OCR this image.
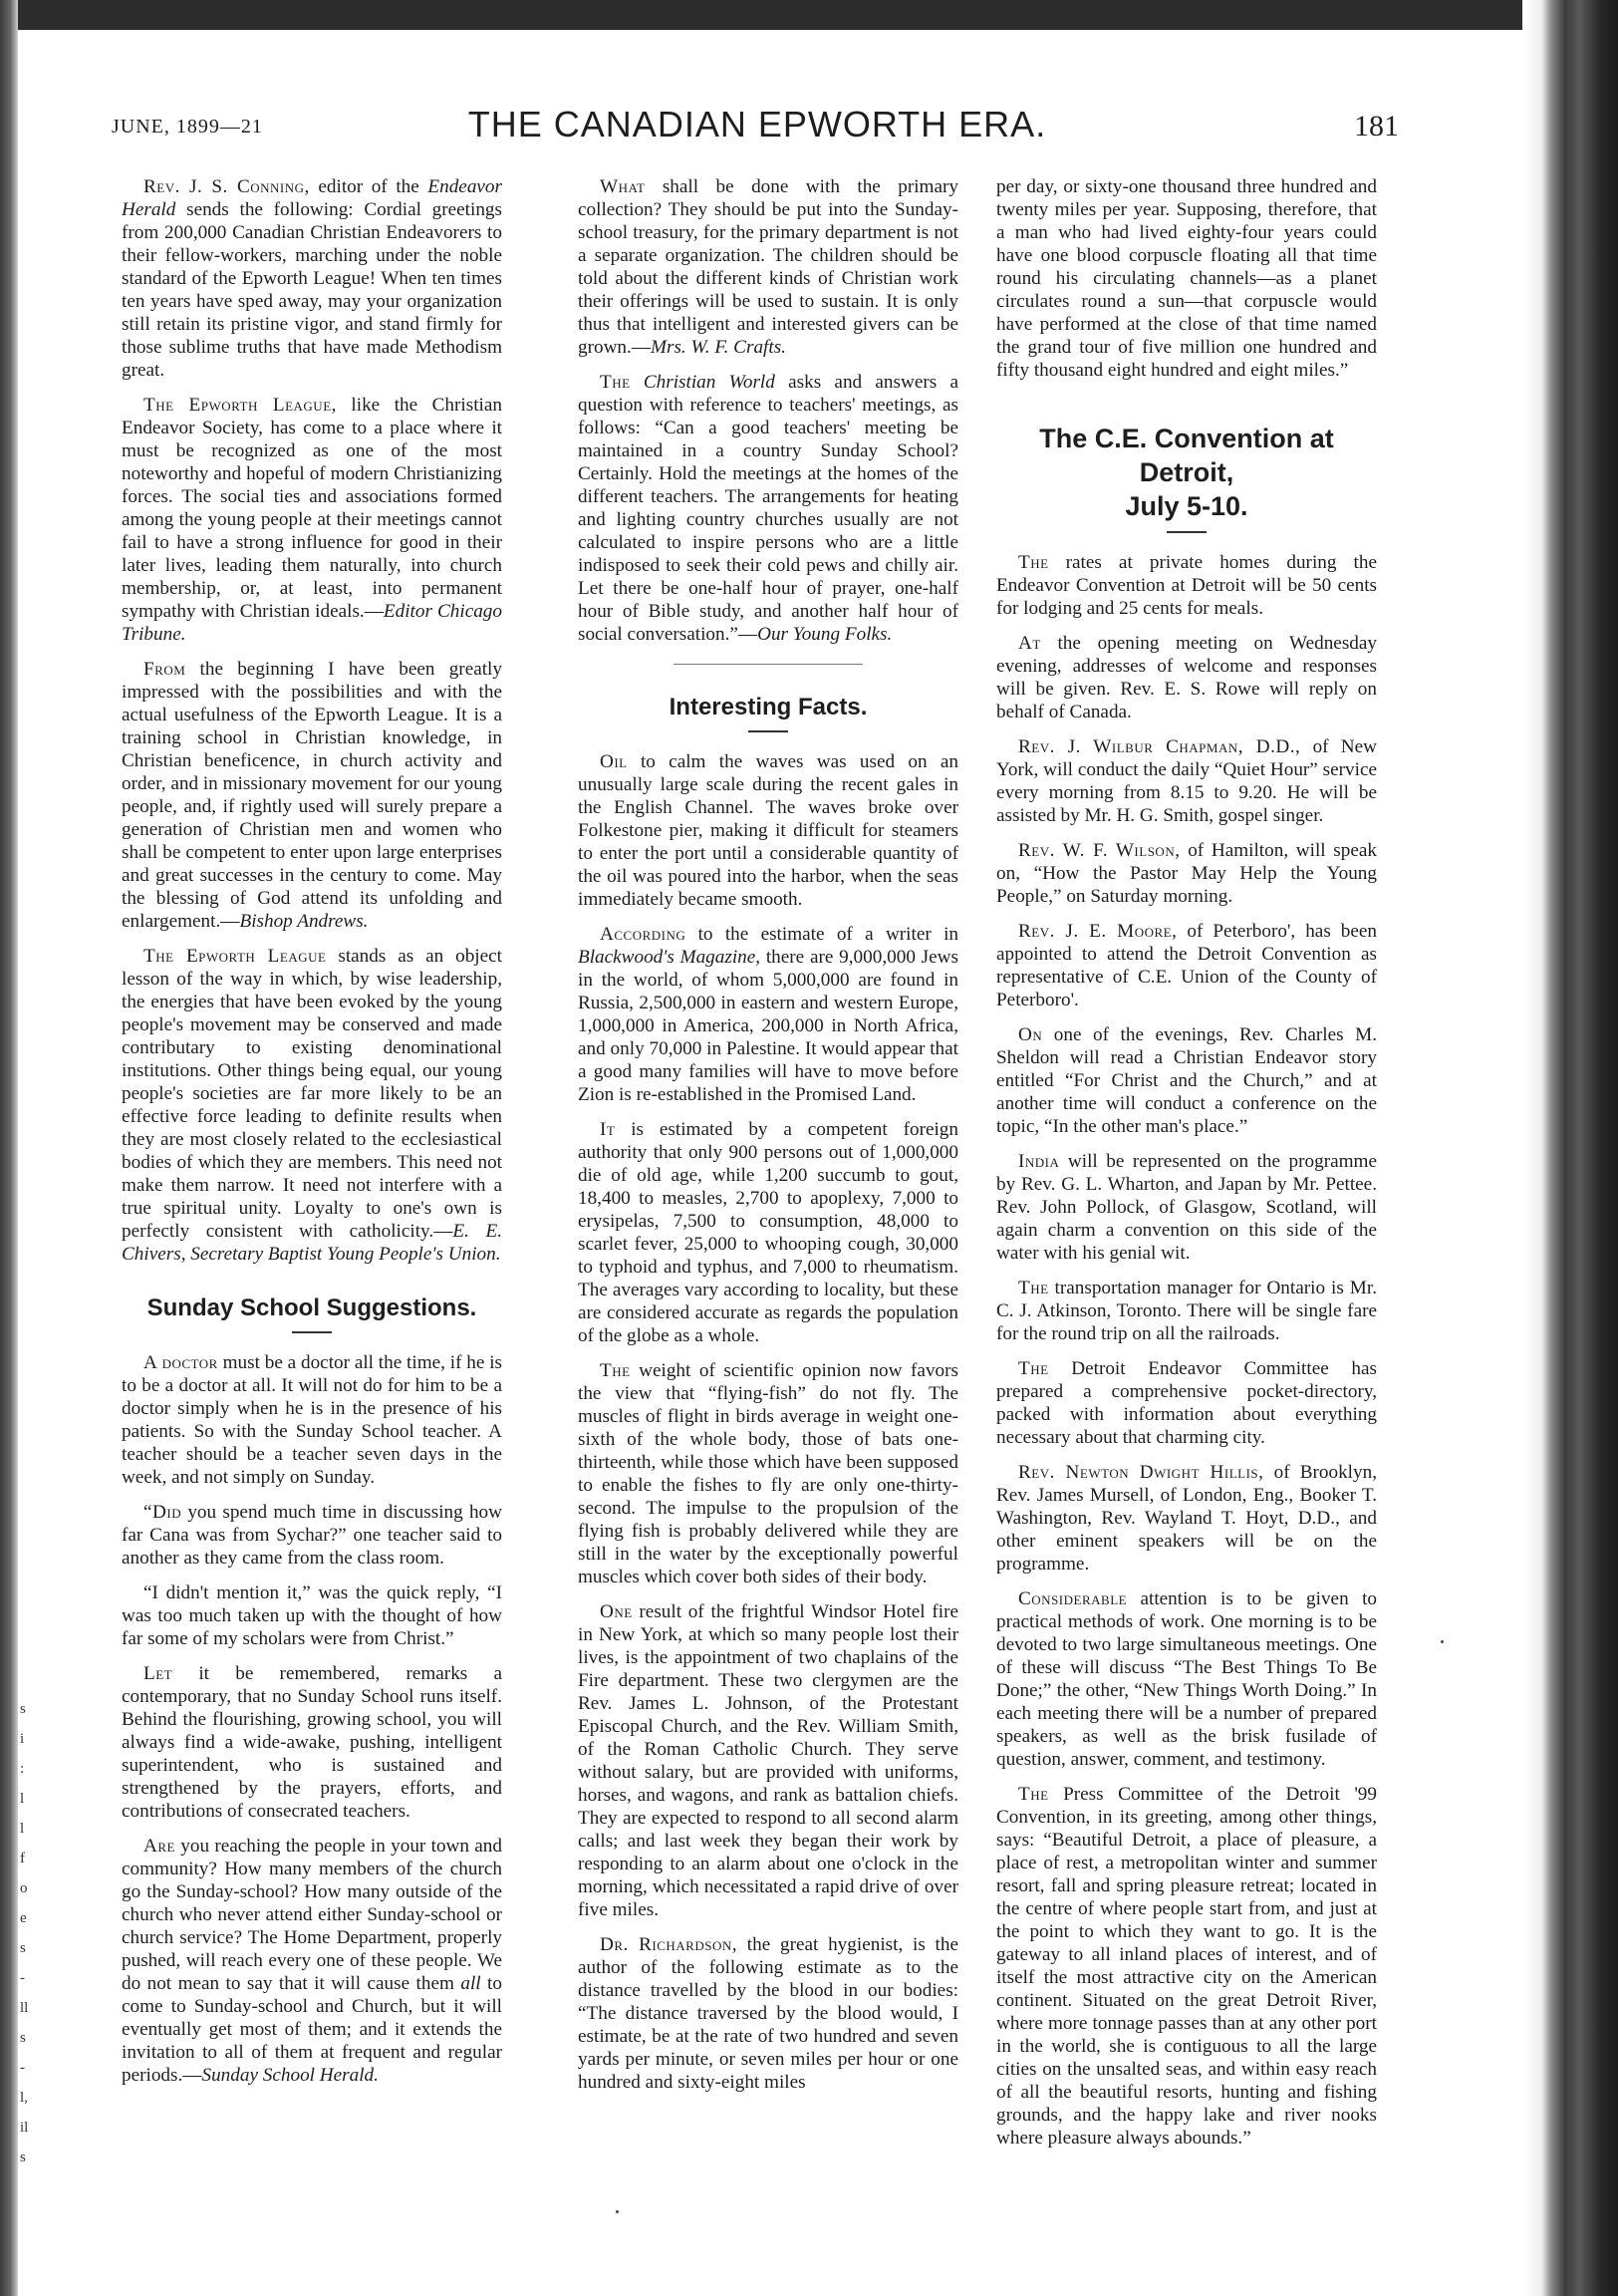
s
i
:
l
l
f
o
e
s
-
ll
s
-
l,
il
s
JUNE, 1899—21	THE CANADIAN EPWORTH ERA.	181

Rev. J. S. Conning, editor of the Endeavor Herald sends the following: Cordial greetings from 200,000 Canadian Christian Endeavorers to their fellow-workers, marching under the noble standard of the Epworth League! When ten times ten years have sped away, may your organization still retain its pristine vigor, and stand firmly for those sublime truths that have made Methodism great.

The Epworth League, like the Christian Endeavor Society, has come to a place where it must be recognized as one of the most noteworthy and hopeful of modern Christianizing forces. The social ties and associations formed among the young people at their meetings cannot fail to have a strong influence for good in their later lives, leading them naturally, into church membership, or, at least, into permanent sympathy with Christian ideals.—Editor Chicago Tribune.

From the beginning I have been greatly impressed with the possibilities and with the actual usefulness of the Epworth League. It is a training school in Christian knowledge, in Christian beneficence, in church activity and order, and in missionary movement for our young people, and, if rightly used will surely prepare a generation of Christian men and women who shall be competent to enter upon large enterprises and great successes in the century to come. May the blessing of God attend its unfolding and enlargement.—Bishop Andrews.

The Epworth League stands as an object lesson of the way in which, by wise leadership, the energies that have been evoked by the young people's movement may be conserved and made contributary to existing denominational institutions. Other things being equal, our young people's societies are far more likely to be an effective force leading to definite results when they are most closely related to the ecclesiastical bodies of which they are members. This need not make them narrow. It need not interfere with a true spiritual unity. Loyalty to one's own is perfectly consistent with catholicity.—E. E. Chivers, Secretary Baptist Young People's Union.

Sunday School Suggestions.

A doctor must be a doctor all the time, if he is to be a doctor at all. It will not do for him to be a doctor simply when he is in the presence of his patients. So with the Sunday School teacher. A teacher should be a teacher seven days in the week, and not simply on Sunday.

“Did you spend much time in discussing how far Cana was from Sychar?” one teacher said to another as they came from the class room.

“I didn't mention it,” was the quick reply, “I was too much taken up with the thought of how far some of my scholars were from Christ.”

Let it be remembered, remarks a contemporary, that no Sunday School runs itself. Behind the flourishing, growing school, you will always find a wide-awake, pushing, intelligent superintendent, who is sustained and strengthened by the prayers, efforts, and contributions of consecrated teachers.

Are you reaching the people in your town and community? How many members of the church go the Sunday-school? How many outside of the church who never attend either Sunday-school or church service? The Home Department, properly pushed, will reach every one of these people. We do not mean to say that it will cause them all to come to Sunday-school and Church, but it will eventually get most of them; and it extends the invitation to all of them at frequent and regular periods.—Sunday School Herald.

What shall be done with the primary collection? They should be put into the Sunday-school treasury, for the primary department is not a separate organization. The children should be told about the different kinds of Christian work their offerings will be used to sustain. It is only thus that intelligent and interested givers can be grown.—Mrs. W. F. Crafts.

The Christian World asks and answers a question with reference to teachers' meetings, as follows: “Can a good teachers' meeting be maintained in a country Sunday School? Certainly. Hold the meetings at the homes of the different teachers. The arrangements for heating and lighting country churches usually are not calculated to inspire persons who are a little indisposed to seek their cold pews and chilly air. Let there be one-half hour of prayer, one-half hour of Bible study, and another half hour of social conversation.”—Our Young Folks.

Interesting Facts.

Oil to calm the waves was used on an unusually large scale during the recent gales in the English Channel. The waves broke over Folkestone pier, making it difficult for steamers to enter the port until a considerable quantity of the oil was poured into the harbor, when the seas immediately became smooth.

According to the estimate of a writer in Blackwood's Magazine, there are 9,000,000 Jews in the world, of whom 5,000,000 are found in Russia, 2,500,000 in eastern and western Europe, 1,000,000 in America, 200,000 in North Africa, and only 70,000 in Palestine. It would appear that a good many families will have to move before Zion is re-established in the Promised Land.

It is estimated by a competent foreign authority that only 900 persons out of 1,000,000 die of old age, while 1,200 succumb to gout, 18,400 to measles, 2,700 to apoplexy, 7,000 to erysipelas, 7,500 to consumption, 48,000 to scarlet fever, 25,000 to whooping cough, 30,000 to typhoid and typhus, and 7,000 to rheumatism. The averages vary according to locality, but these are considered accurate as regards the population of the globe as a whole.

The weight of scientific opinion now favors the view that “flying-fish” do not fly. The muscles of flight in birds average in weight one-sixth of the whole body, those of bats one-thirteenth, while those which have been supposed to enable the fishes to fly are only one-thirty-second. The impulse to the propulsion of the flying fish is probably delivered while they are still in the water by the exceptionally powerful muscles which cover both sides of their body.

One result of the frightful Windsor Hotel fire in New York, at which so many people lost their lives, is the appointment of two chaplains of the Fire department. These two clergymen are the Rev. James L. Johnson, of the Protestant Episcopal Church, and the Rev. William Smith, of the Roman Catholic Church. They serve without salary, but are provided with uniforms, horses, and wagons, and rank as battalion chiefs. They are expected to respond to all second alarm calls; and last week they began their work by responding to an alarm about one o'clock in the morning, which necessitated a rapid drive of over five miles.

Dr. Richardson, the great hygienist, is the author of the following estimate as to the distance travelled by the blood in our bodies: “The distance traversed by the blood would, I estimate, be at the rate of two hundred and seven yards per minute, or seven miles per hour or one hundred and sixty-eight miles

per day, or sixty-one thousand three hundred and twenty miles per year. Supposing, therefore, that a man who had lived eighty-four years could have one blood corpuscle floating all that time round his circulating channels—as a planet circulates round a sun—that corpuscle would have performed at the close of that time named the grand tour of five million one hundred and fifty thousand eight hundred and eight miles.”

The C.E. Convention at Detroit,
July 5-10.

The rates at private homes during the Endeavor Convention at Detroit will be 50 cents for lodging and 25 cents for meals.

At the opening meeting on Wednesday evening, addresses of welcome and responses will be given. Rev. E. S. Rowe will reply on behalf of Canada.

Rev. J. Wilbur Chapman, D.D., of New York, will conduct the daily “Quiet Hour” service every morning from 8.15 to 9.20. He will be assisted by Mr. H. G. Smith, gospel singer.

Rev. W. F. Wilson, of Hamilton, will speak on, “How the Pastor May Help the Young People,” on Saturday morning.

Rev. J. E. Moore, of Peterboro', has been appointed to attend the Detroit Convention as representative of C.E. Union of the County of Peterboro'.

On one of the evenings, Rev. Charles M. Sheldon will read a Christian Endeavor story entitled “For Christ and the Church,” and at another time will conduct a conference on the topic, “In the other man's place.”

India will be represented on the programme by Rev. G. L. Wharton, and Japan by Mr. Pettee. Rev. John Pollock, of Glasgow, Scotland, will again charm a convention on this side of the water with his genial wit.

The transportation manager for Ontario is Mr. C. J. Atkinson, Toronto. There will be single fare for the round trip on all the railroads.

The Detroit Endeavor Committee has prepared a comprehensive pocket-directory, packed with information about everything necessary about that charming city.

Rev. Newton Dwight Hillis, of Brooklyn, Rev. James Mursell, of London, Eng., Booker T. Washington, Rev. Wayland T. Hoyt, D.D., and other eminent speakers will be on the programme.

Considerable attention is to be given to practical methods of work. One morning is to be devoted to two large simultaneous meetings. One of these will discuss “The Best Things To Be Done;” the other, “New Things Worth Doing.” In each meeting there will be a number of prepared speakers, as well as the brisk fusilade of question, answer, comment, and testimony.

The Press Committee of the Detroit '99 Convention, in its greeting, among other things, says: “Beautiful Detroit, a place of pleasure, a place of rest, a metropolitan winter and summer resort, fall and spring pleasure retreat; located in the centre of where people start from, and just at the point to which they want to go. It is the gateway to all inland places of interest, and of itself the most attractive city on the American continent. Situated on the great Detroit River, where more tonnage passes than at any other port in the world, she is contiguous to all the large cities on the unsalted seas, and within easy reach of all the beautiful resorts, hunting and fishing grounds, and the happy lake and river nooks where pleasure always abounds.”
